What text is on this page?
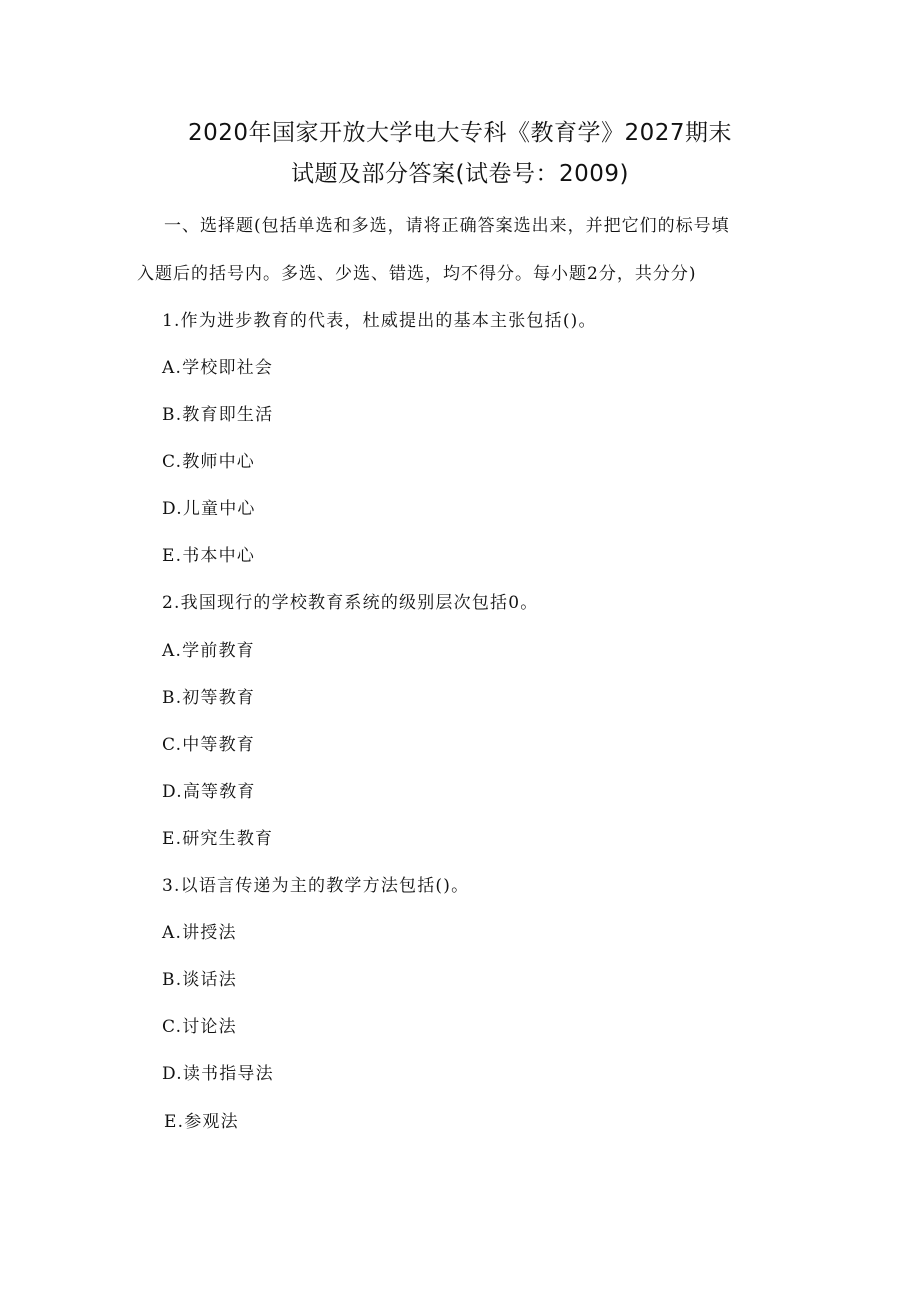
2020年国家开放大学电大专科《教育学》2027期末
试题及部分答案(试卷号：2009)
一、选择题(包括单选和多选，请将正确答案选出来，并把它们的标号填
入题后的括号内。多选、少选、错选，均不得分。每小题2分，共分分)
1.作为进步教育的代表，杜威提出的基本主张包括()。
A.学校即社会
B.教育即生活
C.教师中心
D.儿童中心
E.书本中心
2.我国现行的学校教育系统的级别层次包括0。
A.学前教育
B.初等教育
C.中等教育
D.高等敎育
E.研究生教育
3.以语言传递为主的教学方法包括()。
A.讲授法
B.谈话法
C.讨论法
D.读书指导法
E.参观法
